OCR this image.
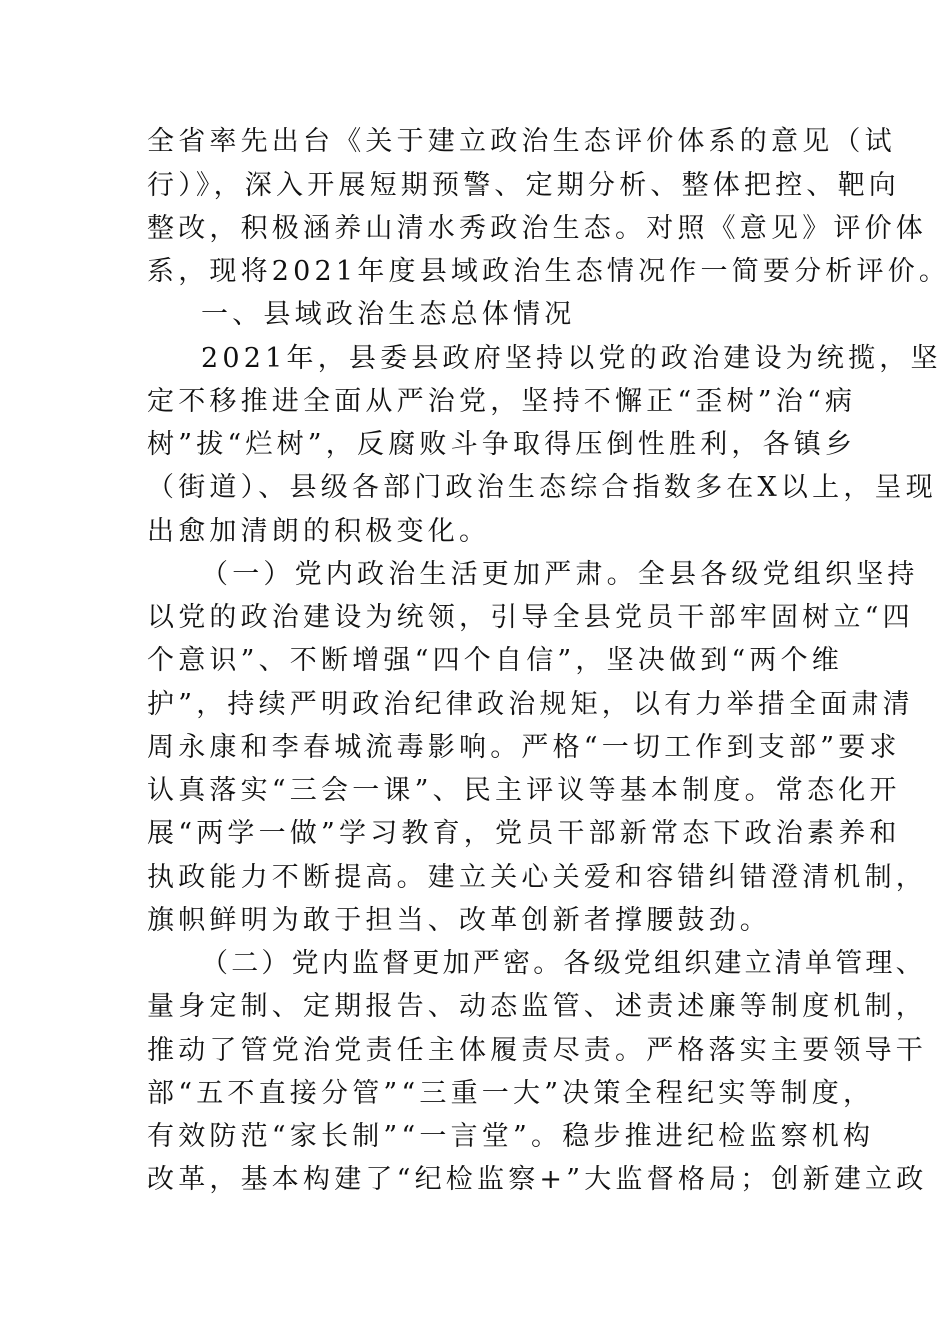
全省率先出台《关于建立政治生态评价体系的意见（试
行）》，深入开展短期预警、定期分析、整体把控、靶向
整改，积极涵养山清水秀政治生态。对照《意见》评价体
系，现将2021年度县域政治生态情况作一简要分析评价。
一、县域政治生态总体情况
2021年，县委县政府坚持以党的政治建设为统揽，坚
定不移推进全面从严治党，坚持不懈正“歪树”治“病
树”拔“烂树”，反腐败斗争取得压倒性胜利，各镇乡
（街道）、县级各部门政治生态综合指数多在X以上，呈现
出愈加清朗的积极变化。
（一）党内政治生活更加严肃。全县各级党组织坚持
以党的政治建设为统领，引导全县党员干部牢固树立“四
个意识”、不断增强“四个自信”，坚决做到“两个维
护”，持续严明政治纪律政治规矩，以有力举措全面肃清
周永康和李春城流毒影响。严格“一切工作到支部”要求
认真落实“三会一课”、民主评议等基本制度。常态化开
展“两学一做”学习教育，党员干部新常态下政治素养和
执政能力不断提高。建立关心关爱和容错纠错澄清机制，
旗帜鲜明为敢于担当、改革创新者撑腰鼓劲。
（二）党内监督更加严密。各级党组织建立清单管理、
量身定制、定期报告、动态监管、述责述廉等制度机制，
推动了管党治党责任主体履责尽责。严格落实主要领导干
部“五不直接分管”“三重一大”决策全程纪实等制度，
有效防范“家长制”“一言堂”。稳步推进纪检监察机构
改革，基本构建了“纪检监察+”大监督格局；创新建立政
